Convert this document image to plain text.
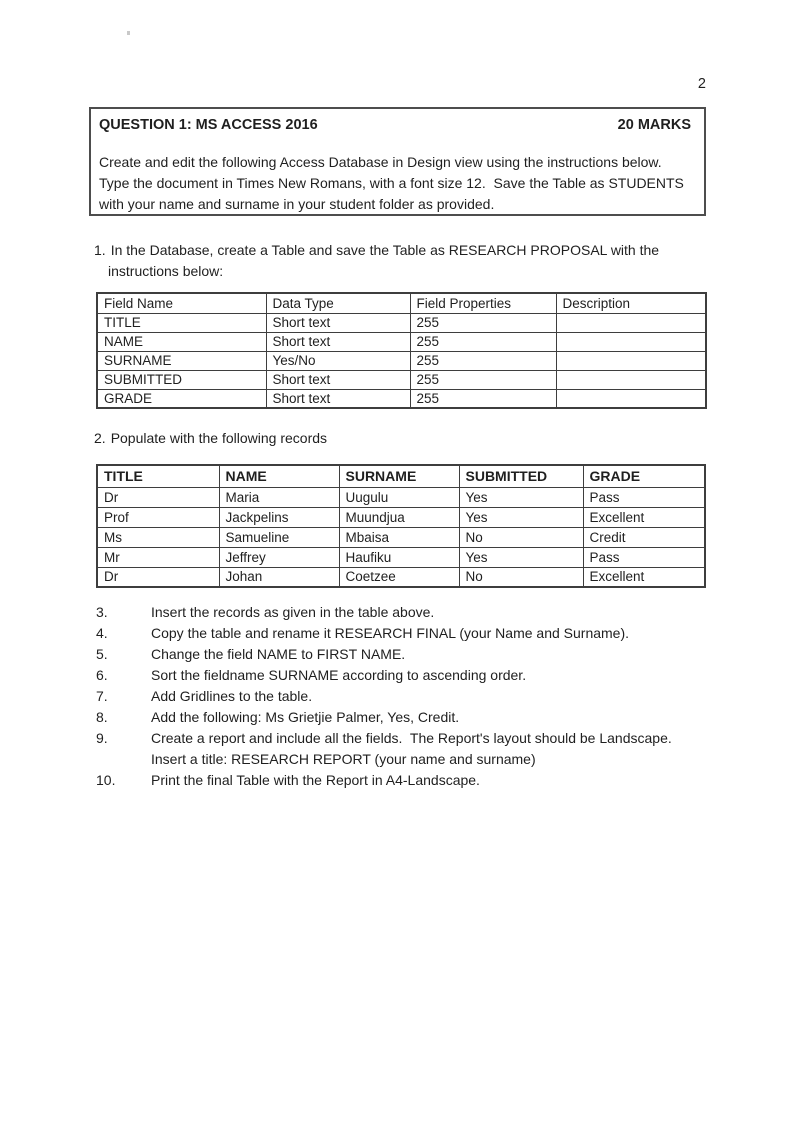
2
QUESTION 1: MS ACCESS 2016	20 MARKS
Create and edit the following Access Database in Design view using the instructions below.  Type the document in Times New Romans, with a font size 12.  Save the Table as STUDENTS with your name and surname in your student folder as provided.

1. In the Database, create a Table and save the Table as RESEARCH PROPOSAL with the instructions below:

Field Name	Data Type	Field Properties	Description
TITLE	Short text	255	
NAME	Short text	255	
SURNAME	Yes/No	255	
SUBMITTED	Short text	255	
GRADE	Short text	255	

2. Populate with the following records

TITLE	NAME	SURNAME	SUBMITTED	GRADE
Dr	Maria	Uugulu	Yes	Pass
Prof	Jackpelins	Muundjua	Yes	Excellent
Ms	Samueline	Mbaisa	No	Credit
Mr	Jeffrey	Haufiku	Yes	Pass
Dr	Johan	Coetzee	No	Excellent
3.	Insert the records as given in the table above.
4.	Copy the table and rename it RESEARCH FINAL (your Name and Surname).
5.	Change the field NAME to FIRST NAME.
6.	Sort the fieldname SURNAME according to ascending order.
7.	Add Gridlines to the table.
8.	Add the following: Ms Grietjie Palmer, Yes, Credit.
9.	Create a report and include all the fields.  The Report's layout should be Landscape.  Insert a title: RESEARCH REPORT (your name and surname)
10.	Print the final Table with the Report in A4-Landscape.
